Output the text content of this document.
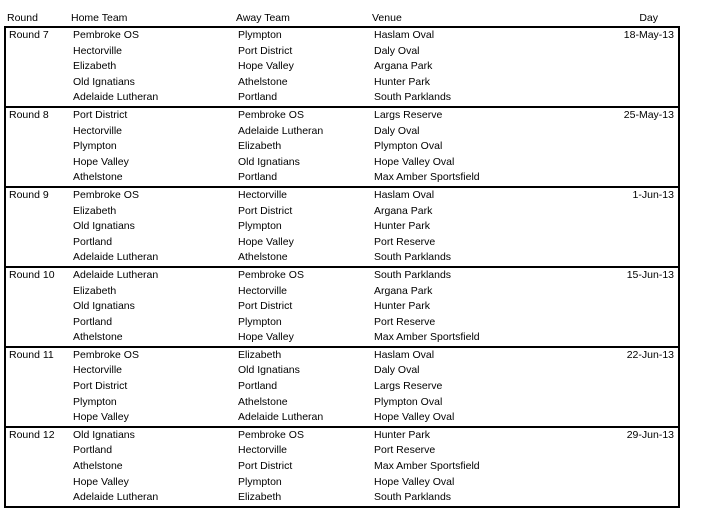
Round	Home Team	Away Team	Venue	Day
Round 7 Pembroke OS	Plympton	Haslam Oval	18-May-13
Hectorville	Port District	Daly Oval
Elizabeth	Hope Valley	Argana Park
Old Ignatians	Athelstone	Hunter Park
Adelaide Lutheran	Portland	South Parklands
Round 8 Port District	Pembroke OS	Largs Reserve	25-May-13
Hectorville	Adelaide Lutheran	Daly Oval
Plympton	Elizabeth	Plympton Oval
Hope Valley	Old Ignatians	Hope Valley Oval
Athelstone	Portland	Max Amber Sportsfield
Round 9 Pembroke OS	Hectorville	Haslam Oval	1-Jun-13
Elizabeth	Port District	Argana Park
Old Ignatians	Plympton	Hunter Park
Portland	Hope Valley	Port Reserve
Adelaide Lutheran	Athelstone	South Parklands
Round 10 Adelaide Lutheran	Pembroke OS	South Parklands	15-Jun-13
Elizabeth	Hectorville	Argana Park
Old Ignatians	Port District	Hunter Park
Portland	Plympton	Port Reserve
Athelstone	Hope Valley	Max Amber Sportsfield
Round 11 Pembroke OS	Elizabeth	Haslam Oval	22-Jun-13
Hectorville	Old Ignatians	Daly Oval
Port District	Portland	Largs Reserve
Plympton	Athelstone	Plympton Oval
Hope Valley	Adelaide Lutheran	Hope Valley Oval
Round 12 Old Ignatians	Pembroke OS	Hunter Park	29-Jun-13
Portland	Hectorville	Port Reserve
Athelstone	Port District	Max Amber Sportsfield
Hope Valley	Plympton	Hope Valley Oval
Adelaide Lutheran	Elizabeth	South Parklands
